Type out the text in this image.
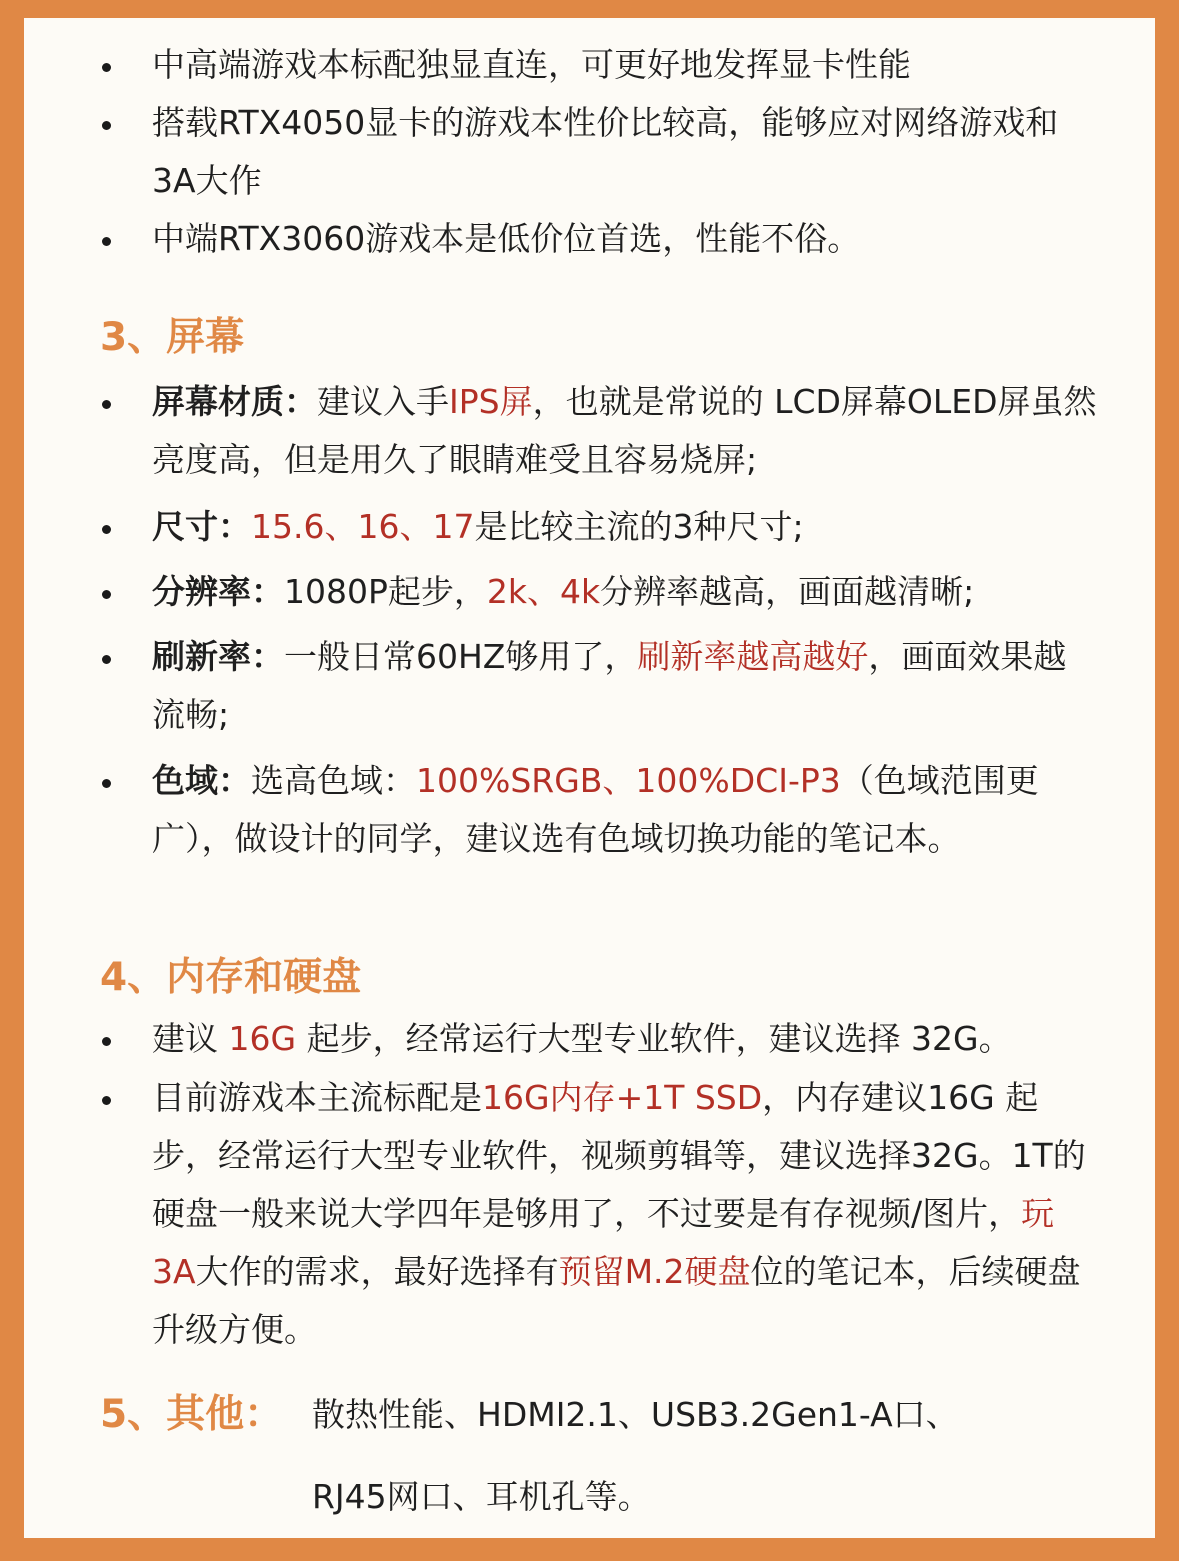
中高端游戏本标配独显直连，可更好地发挥显卡性能
搭载RTX4050显卡的游戏本性价比较高，能够应对网络游戏和3A大作
中端RTX3060游戏本是低价位首选，性能不俗。
3、屏幕
屏幕材质：建议入手IPS屏，也就是常说的 LCD屏幕OLED屏虽然亮度高，但是用久了眼睛难受且容易烧屏;
尺寸：15.6、16、17是比较主流的3种尺寸;
分辨率：1080P起步，2k、4k分辨率越高，画面越清晰;
刷新率：一般日常60HZ够用了，刷新率越高越好，画面效果越流畅;
色域：选高色域：100%SRGB、100%DCI-P3（色域范围更广），做设计的同学，建议选有色域切换功能的笔记本。
4、内存和硬盘
建议 16G 起步，经常运行大型专业软件，建议选择 32G。
目前游戏本主流标配是16G内存+1T SSD，内存建议16G 起步，经常运行大型专业软件，视频剪辑等，建议选择32G。1T的硬盘一般来说大学四年是够用了，不过要是有存视频/图片，玩3A大作的需求，最好选择有预留M.2硬盘位的笔记本，后续硬盘升级方便。
5、其他： 散热性能、HDMI2.1、USB3.2Gen1-A口、
RJ45网口、耳机孔等。
